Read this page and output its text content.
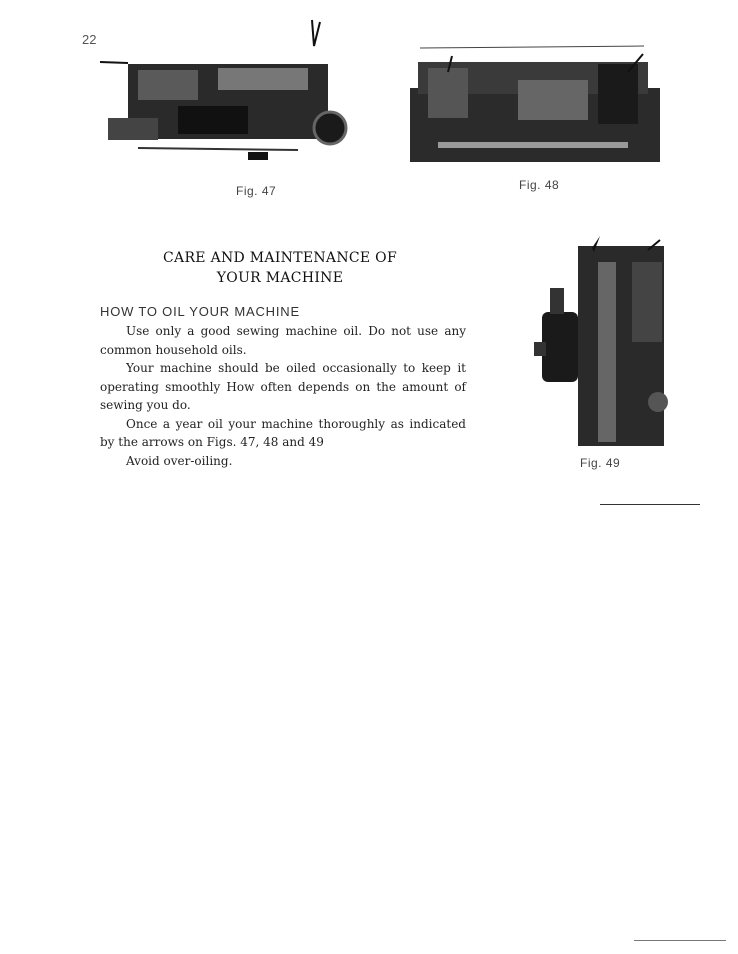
22
Fig. 47	Fig. 48
CARE AND MAINTENANCE OF
YOUR MACHINE
HOW TO OIL YOUR MACHINE

Use only a good sewing machine oil. Do not use any common household oils.

Your machine should be oiled occasionally to keep it operating smoothly How often depends on the amount of sewing you do.

Once a year oil your machine thoroughly as indicated by the arrows on Figs. 47, 48 and 49

Avoid over-oiling.	Fig. 49
